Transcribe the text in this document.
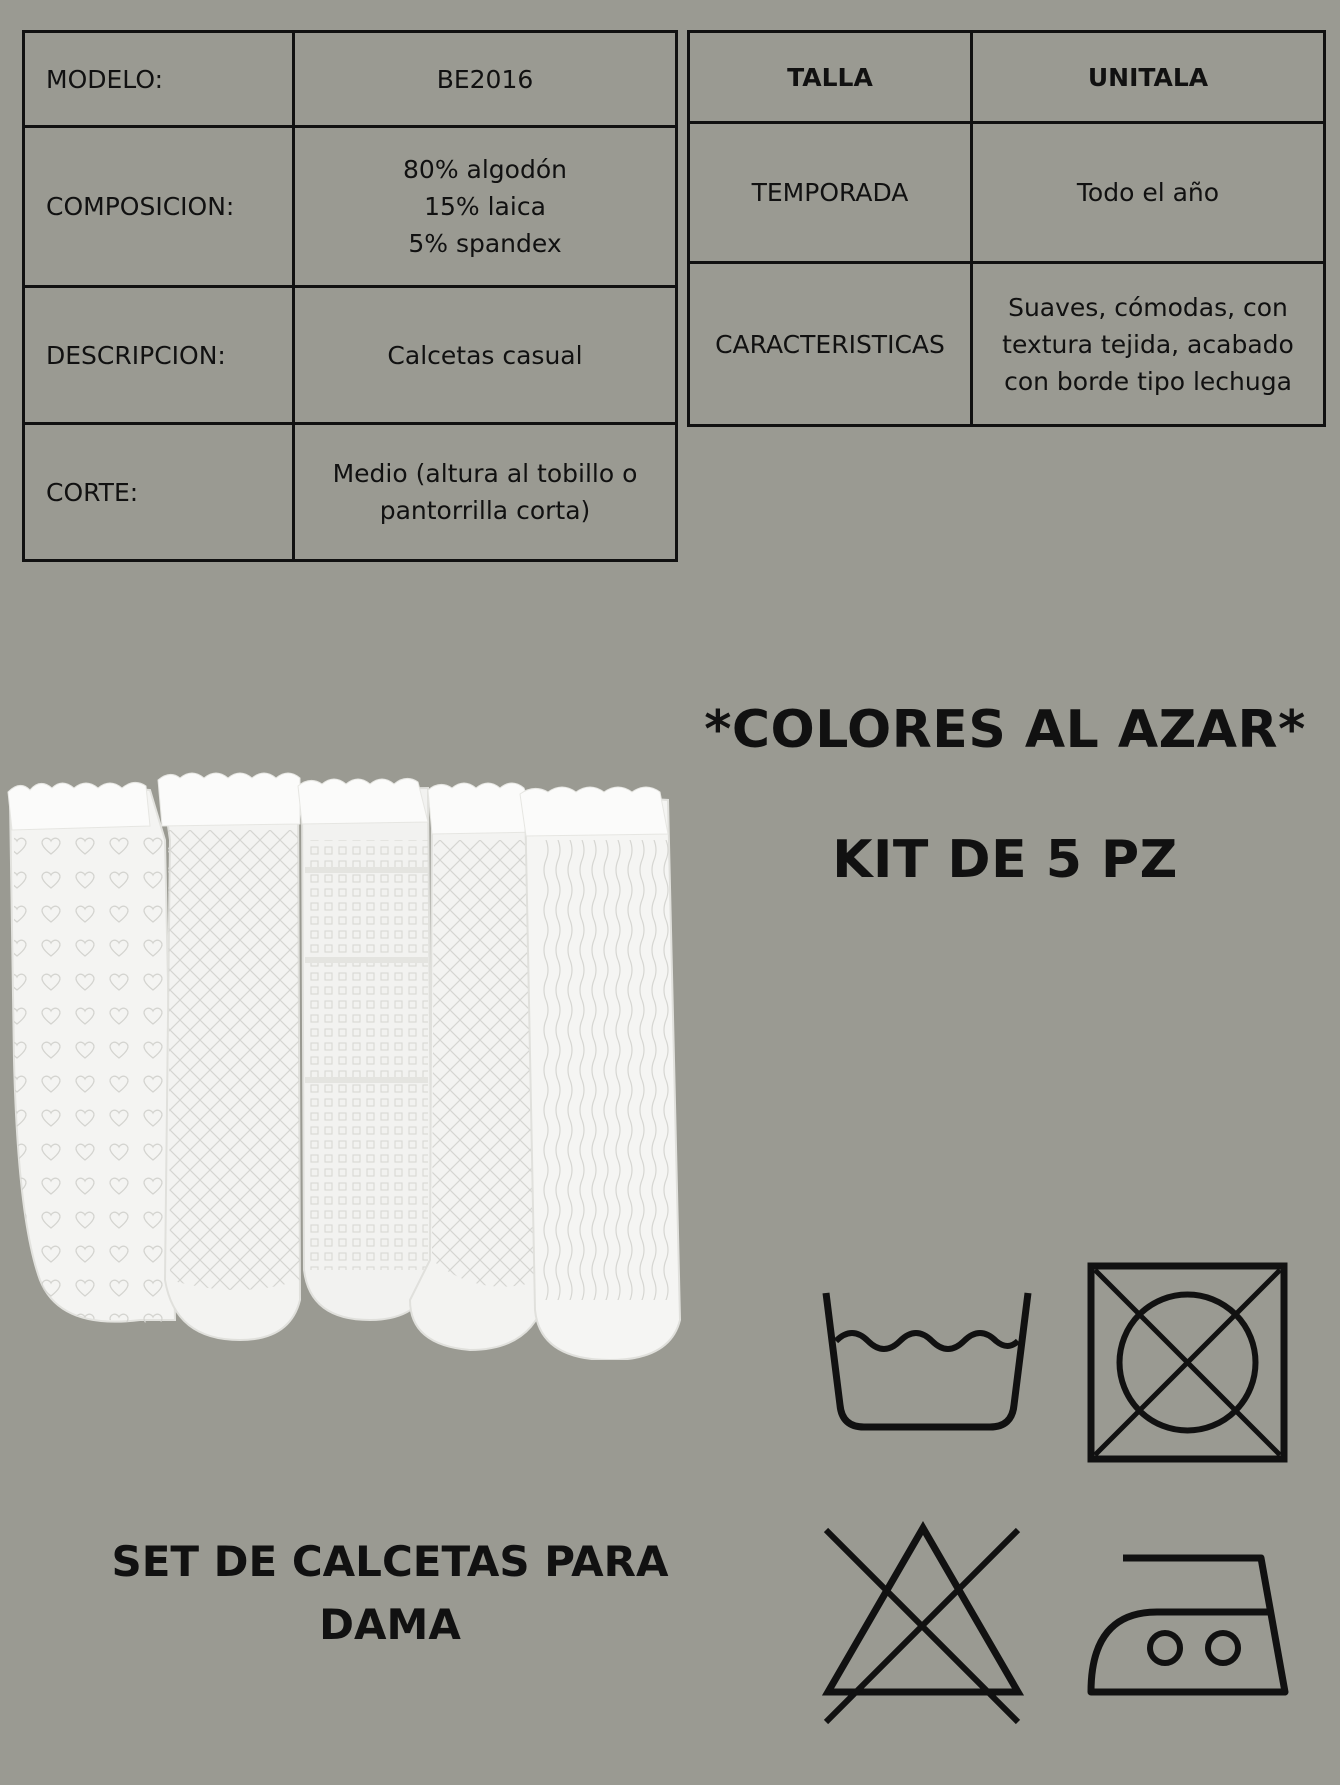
MODELO:	BE2016

COMPOSICION:	80% algodón
15% laica
5% spandex

DESCRIPCION:	Calcetas casual

CORTE:	Medio (altura al tobillo o
pantorrilla corta)
TALLA	UNITALA
TEMPORADA	Todo el año

CARACTERISTICAS	Suaves, cómodas, con
textura tejida, acabado
con borde tipo lechuga
*COLORES AL AZAR*
KIT DE 5 PZ
SET DE CALCETAS PARA
DAMA
